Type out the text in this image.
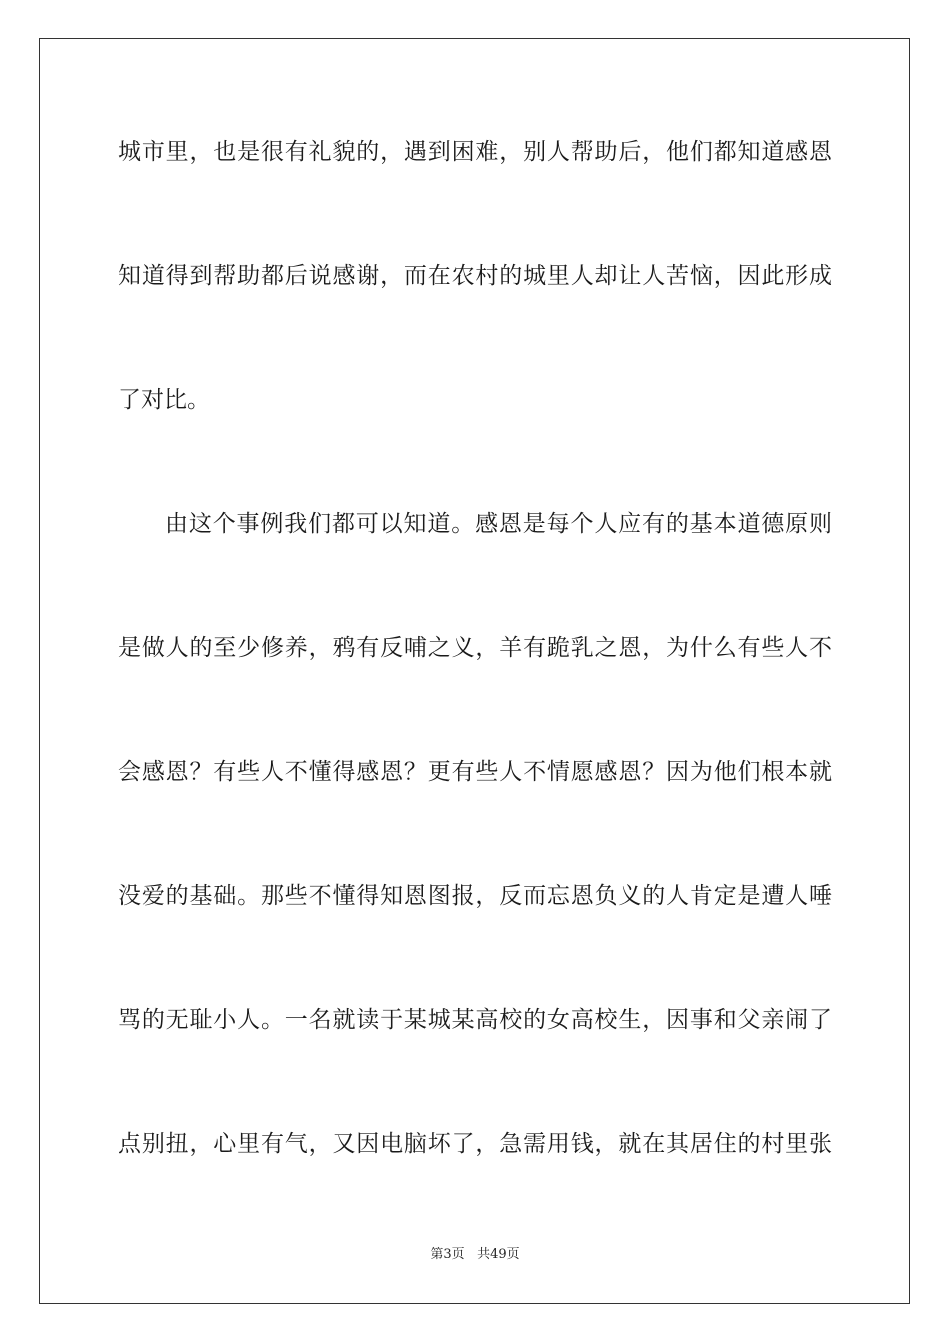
城市里，也是很有礼貌的，遇到困难，别人帮助后，他们都知道感恩
知道得到帮助都后说感谢，而在农村的城里人却让人苦恼，因此形成
了对比。
由这个事例我们都可以知道。感恩是每个人应有的基本道德原则
是做人的至少修养，鸦有反哺之义，羊有跪乳之恩，为什么有些人不
会感恩？有些人不懂得感恩？更有些人不情愿感恩？因为他们根本就
没爱的基础。那些不懂得知恩图报，反而忘恩负义的人肯定是遭人唾
骂的无耻小人。一名就读于某城某高校的女高校生，因事和父亲闹了
点别扭，心里有气，又因电脑坏了，急需用钱，就在其居住的村里张
第3页 共49页
